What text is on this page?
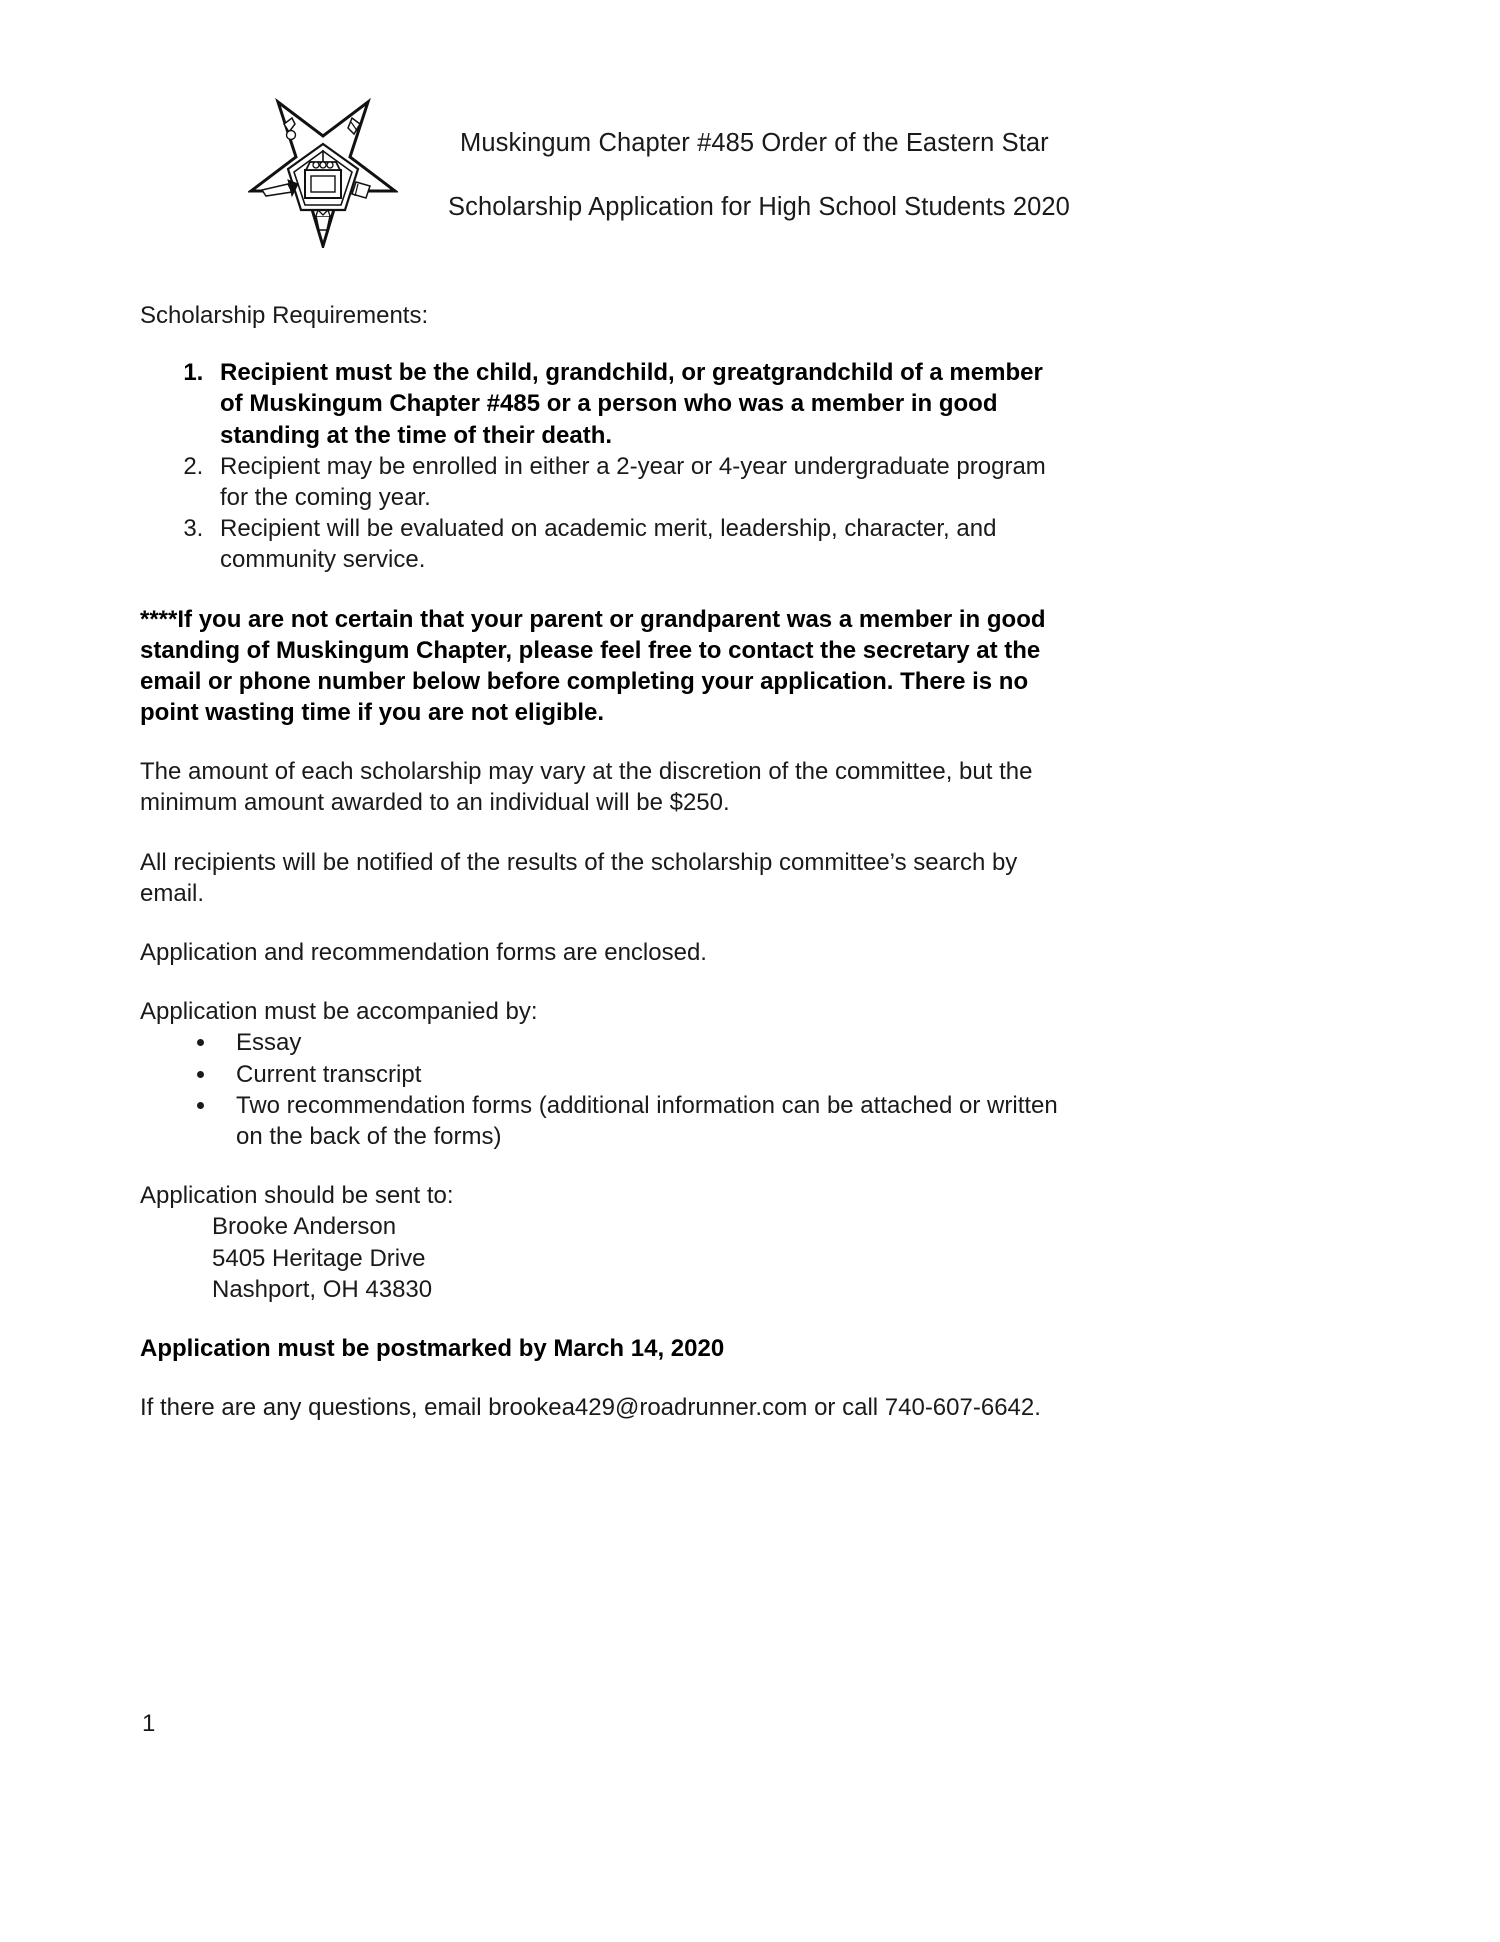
Muskingum Chapter #485 Order of the Eastern Star
Scholarship Application for High School Students 2020

Scholarship Requirements:

1. Recipient must be the child, grandchild, or greatgrandchild of a member of Muskingum Chapter #485 or a person who was a member in good standing at the time of their death.
2. Recipient may be enrolled in either a 2-year or 4-year undergraduate program for the coming year.
3. Recipient will be evaluated on academic merit, leadership, character, and community service.

****If you are not certain that your parent or grandparent was a member in good standing of Muskingum Chapter, please feel free to contact the secretary at the email or phone number below before completing your application. There is no point wasting time if you are not eligible.

The amount of each scholarship may vary at the discretion of the committee, but the minimum amount awarded to an individual will be $250.

All recipients will be notified of the results of the scholarship committee’s search by email.

Application and recommendation forms are enclosed.

Application must be accompanied by:

• Essay
• Current transcript
• Two recommendation forms (additional information can be attached or written on the back of the forms)

Application should be sent to:

Brooke Anderson
5405 Heritage Drive
Nashport, OH 43830

Application must be postmarked by March 14, 2020

If there are any questions, email brookea429@roadrunner.com or call 740-607-6642.

1
